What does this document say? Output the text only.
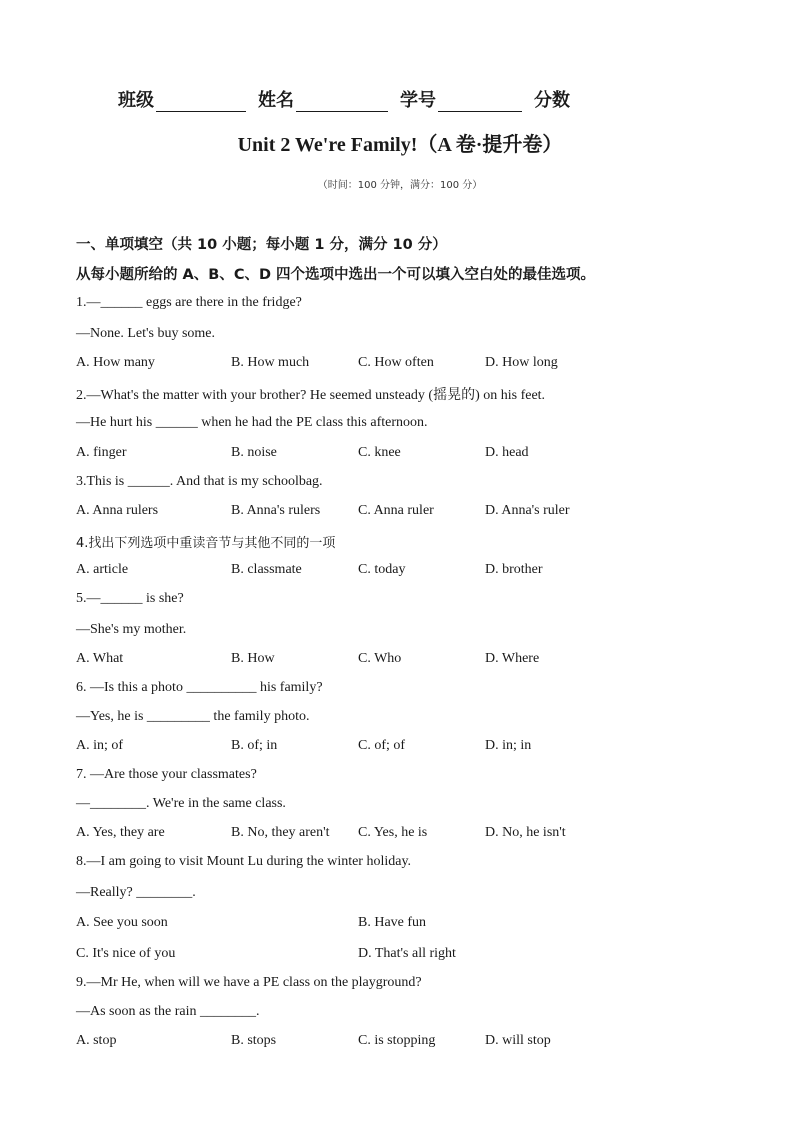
班级	姓名	学号	分数
Unit 2 We're Family!（A 卷·提升卷）
（时间：100 分钟，满分：100 分）
一、单项填空（共 10 小题；每小题 1 分，满分 10 分）
从每小题所给的 A、B、C、D 四个选项中选出一个可以填入空白处的最佳选项。
1.—______ eggs are there in the fridge?
—None. Let's buy some.
A. How many	B. How much	C. How often	D. How long
2.—What's the matter with your brother? He seemed unsteady (摇晃的) on his feet.
—He hurt his ______ when he had the PE class this afternoon.
A. finger	B. noise	C. knee	D. head
3.This is ______. And that is my schoolbag.
A. Anna rulers	B. Anna's rulers	C. Anna ruler	D. Anna's ruler
4.找出下列选项中重读音节与其他不同的一项
A. article	B. classmate	C. today	D. brother
5.—______ is she?
—She's my mother.
A. What	B. How	C. Who	D. Where
6. —Is this a photo __________ his family?
—Yes, he is _________ the family photo.
A. in; of	B. of; in	C. of; of	D. in; in
7. —Are those your classmates?
—________. We're in the same class.
A. Yes, they are	B. No, they aren't C. Yes, he is	D. No, he isn't
8.—I am going to visit Mount Lu during the winter holiday.
—Really? ________.
A. See you soon	B. Have fun
C. It's nice of you	D. That's all right
9.—Mr He, when will we have a PE class on the playground?
—As soon as the rain ________.
A. stop	B. stops	C. is stopping	D. will stop
